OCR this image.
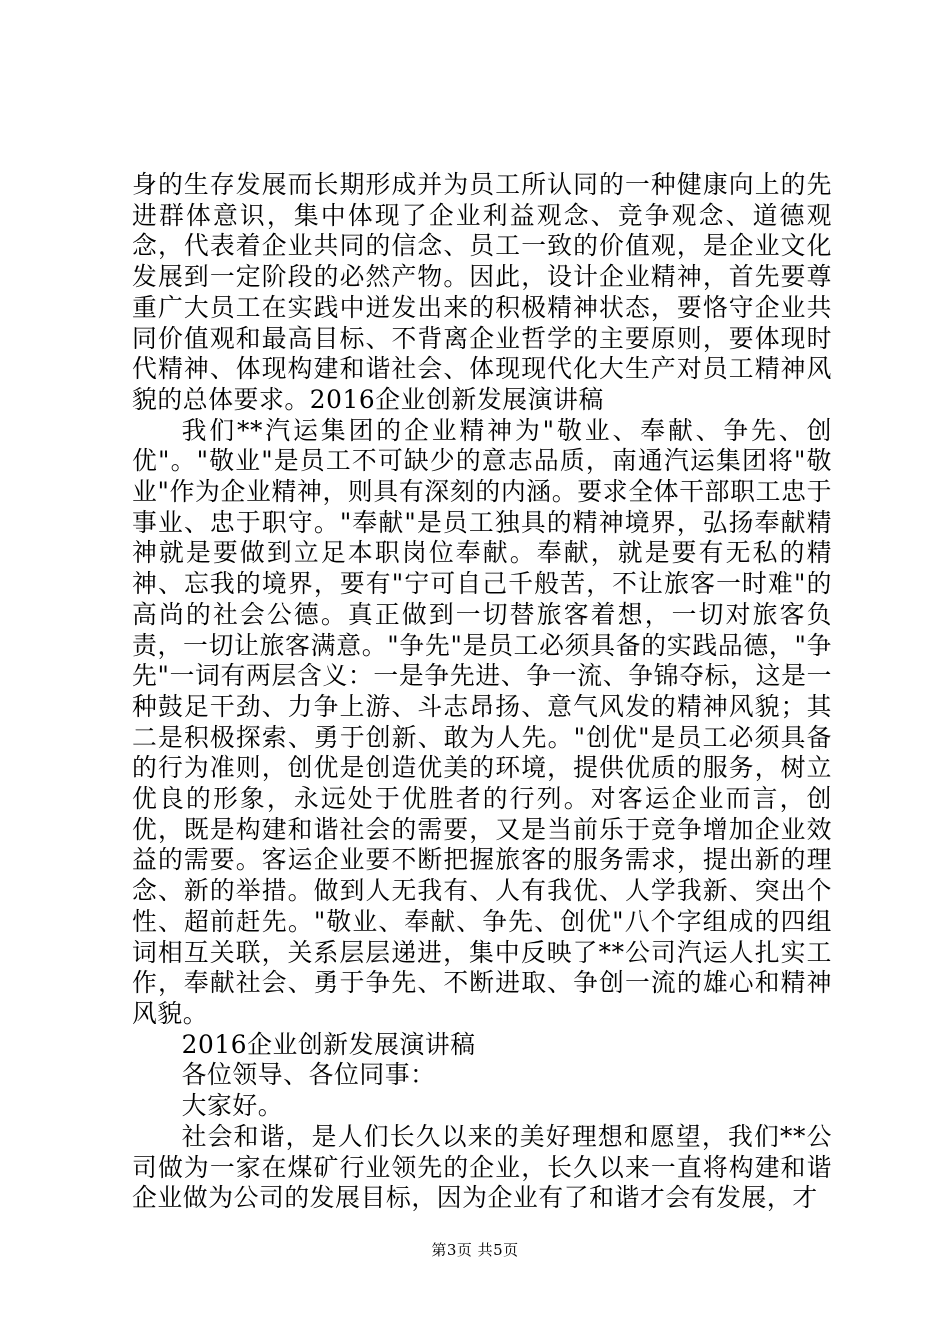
身的生存发展而长期形成并为员工所认同的一种健康向上的先进群体意识，集中体现了企业利益观念、竞争观念、道德观念，代表着企业共同的信念、员工一致的价值观，是企业文化发展到一定阶段的必然产物。因此，设计企业精神，首先要尊重广大员工在实践中迸发出来的积极精神状态，要恪守企业共同价值观和最高目标、不背离企业哲学的主要原则，要体现时代精神、体现构建和谐社会、体现现代化大生产对员工精神风貌的总体要求。2016企业创新发展演讲稿

我们**汽运集团的企业精神为"敬业、奉献、争先、创优"。"敬业"是员工不可缺少的意志品质，南通汽运集团将"敬业"作为企业精神，则具有深刻的内涵。要求全体干部职工忠于事业、忠于职守。"奉献"是员工独具的精神境界，弘扬奉献精神就是要做到立足本职岗位奉献。奉献，就是要有无私的精神、忘我的境界，要有"宁可自己千般苦，不让旅客一时难"的高尚的社会公德。真正做到一切替旅客着想，一切对旅客负责，一切让旅客满意。"争先"是员工必须具备的实践品德，"争先"一词有两层含义：一是争先进、争一流、争锦夺标，这是一种鼓足干劲、力争上游、斗志昂扬、意气风发的精神风貌；其二是积极探索、勇于创新、敢为人先。"创优"是员工必须具备的行为准则，创优是创造优美的环境，提供优质的服务，树立优良的形象，永远处于优胜者的行列。对客运企业而言，创优，既是构建和谐社会的需要，又是当前乐于竞争增加企业效益的需要。客运企业要不断把握旅客的服务需求，提出新的理念、新的举措。做到人无我有、人有我优、人学我新、突出个性、超前赶先。"敬业、奉献、争先、创优"八个字组成的四组词相互关联，关系层层递进，集中反映了**公司汽运人扎实工作，奉献社会、勇于争先、不断进取、争创一流的雄心和精神风貌。

2016企业创新发展演讲稿

各位领导、各位同事：

大家好。

社会和谐，是人们长久以来的美好理想和愿望，我们**公司做为一家在煤矿行业领先的企业，长久以来一直将构建和谐企业做为公司的发展目标，因为企业有了和谐才会有发展，才

第3页 共5页
